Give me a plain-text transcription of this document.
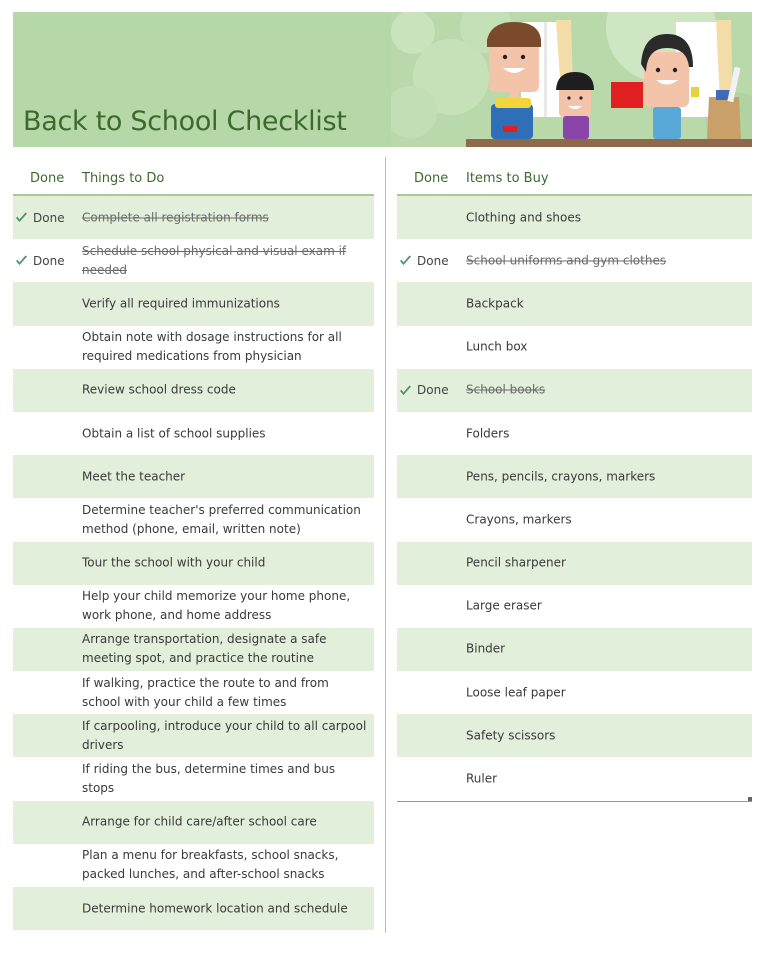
Back to School Checklist
Done Things to Do
Done Complete all registration forms
Done
Schedule school physical and visual exam if needed
Verify all required immunizations
Obtain note with dosage instructions for all required medications from physician
Review school dress code
Obtain a list of school supplies
Meet the teacher
Determine teacher's preferred communication method (phone, email, written note)
Tour the school with your child
Help your child memorize your home phone, work phone, and home address
Arrange transportation, designate a safe meeting spot, and practice the routine
If walking, practice the route to and from school with your child a few times
If carpooling, introduce your child to all carpool drivers
If riding the bus, determine times and bus stops
Arrange for child care/after school care
Plan a menu for breakfasts, school snacks, packed lunches, and after-school snacks
Determine homework location and schedule
Done Items to Buy
Clothing and shoes
Done School uniforms and gym clothes
Backpack
Lunch box
Done School books
Folders
Pens, pencils, crayons, markers
Crayons, markers
Pencil sharpener
Large eraser
Binder
Loose leaf paper
Safety scissors
Ruler
